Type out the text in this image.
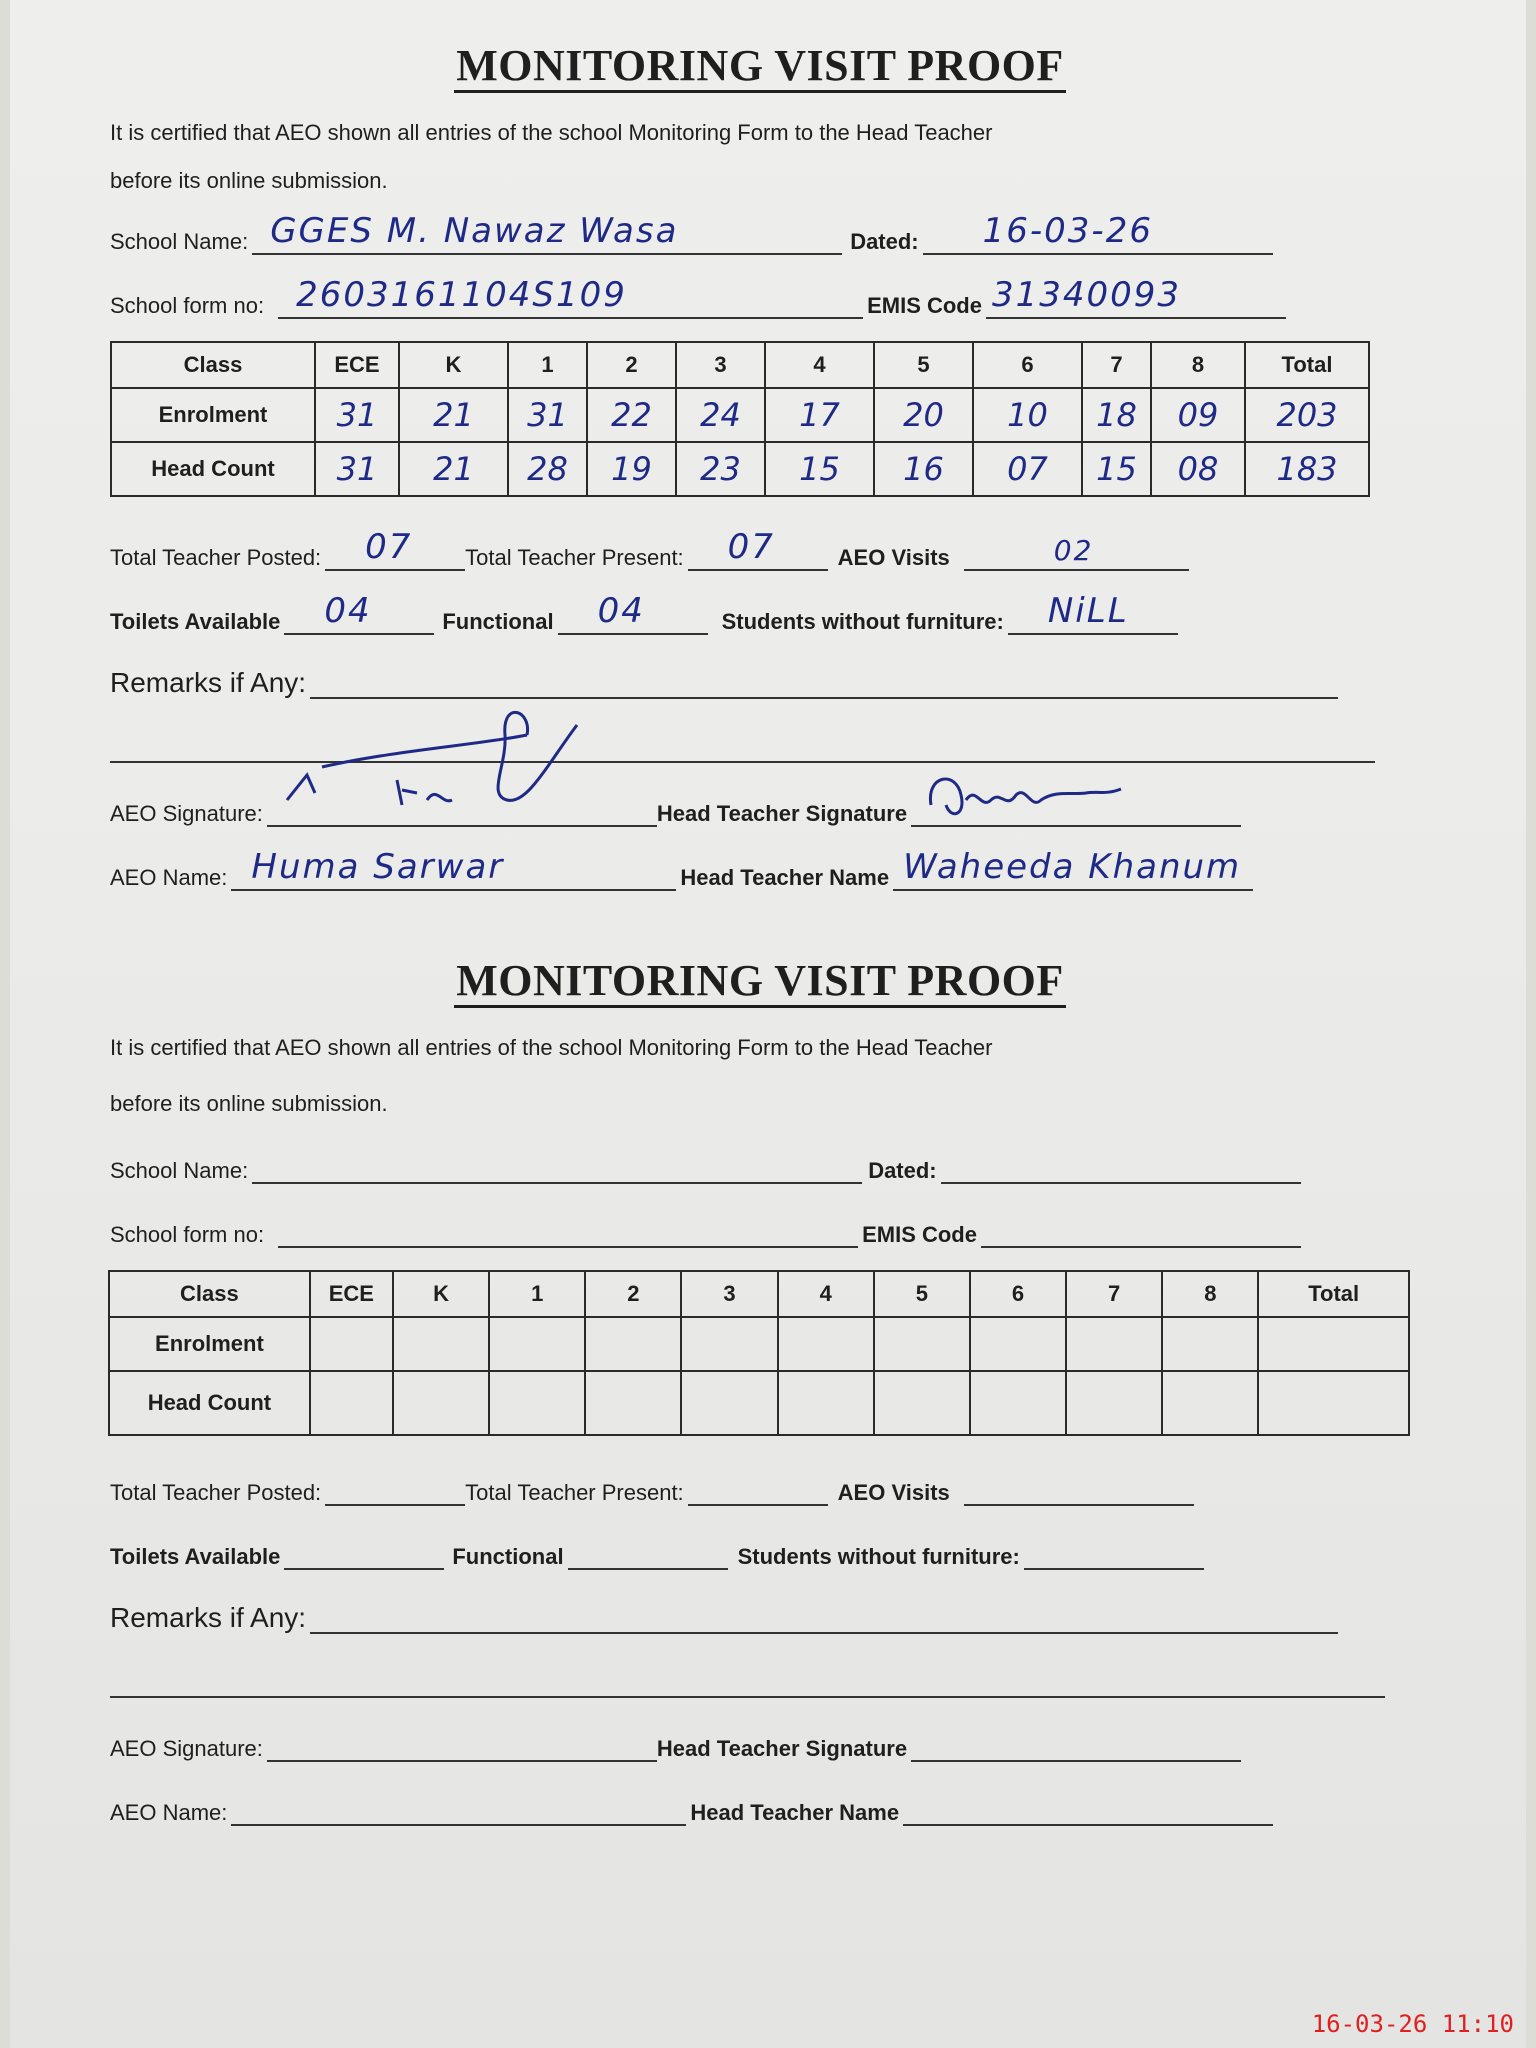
MONITORING VISIT PROOF
It is certified that AEO shown all entries of the school Monitoring Form to the Head Teacher
before its online submission.
School Name: GGES M. Nawaz Wasa	Dated: 16-03-26
School form no: 2603161104S109	EMIS Code 31340093
Class	ECE	K	1	2	3	4	5	6	7	8	Total
Enrolment	31	21	31	22	24	17	20	10	18	09	203
Head Count	31	21	28	19	23	15	16	07	15	08	183
Total Teacher Posted: 07 Total Teacher Present: 07	AEO Visits	02
Toilets Available 04	Functional 04	Students without furniture: NiLL
Remarks if Any:
AEO Signature:	Head Teacher Signature
AEO Name: Huma Sarwar	Head Teacher Name Waheeda Khanum
MONITORING VISIT PROOF
It is certified that AEO shown all entries of the school Monitoring Form to the Head Teacher
before its online submission.
School Name:	Dated:
School form no:	EMIS Code
Class	ECE	K	1	2	3	4	5	6	7	8	Total
Enrolment											
Head Count											
Total Teacher Posted:	Total Teacher Present:	AEO Visits
Toilets Available	Functional	Students without furniture:
Remarks if Any:
AEO Signature:	Head Teacher Signature
AEO Name:	Head Teacher Name
16-03-26 11:10
